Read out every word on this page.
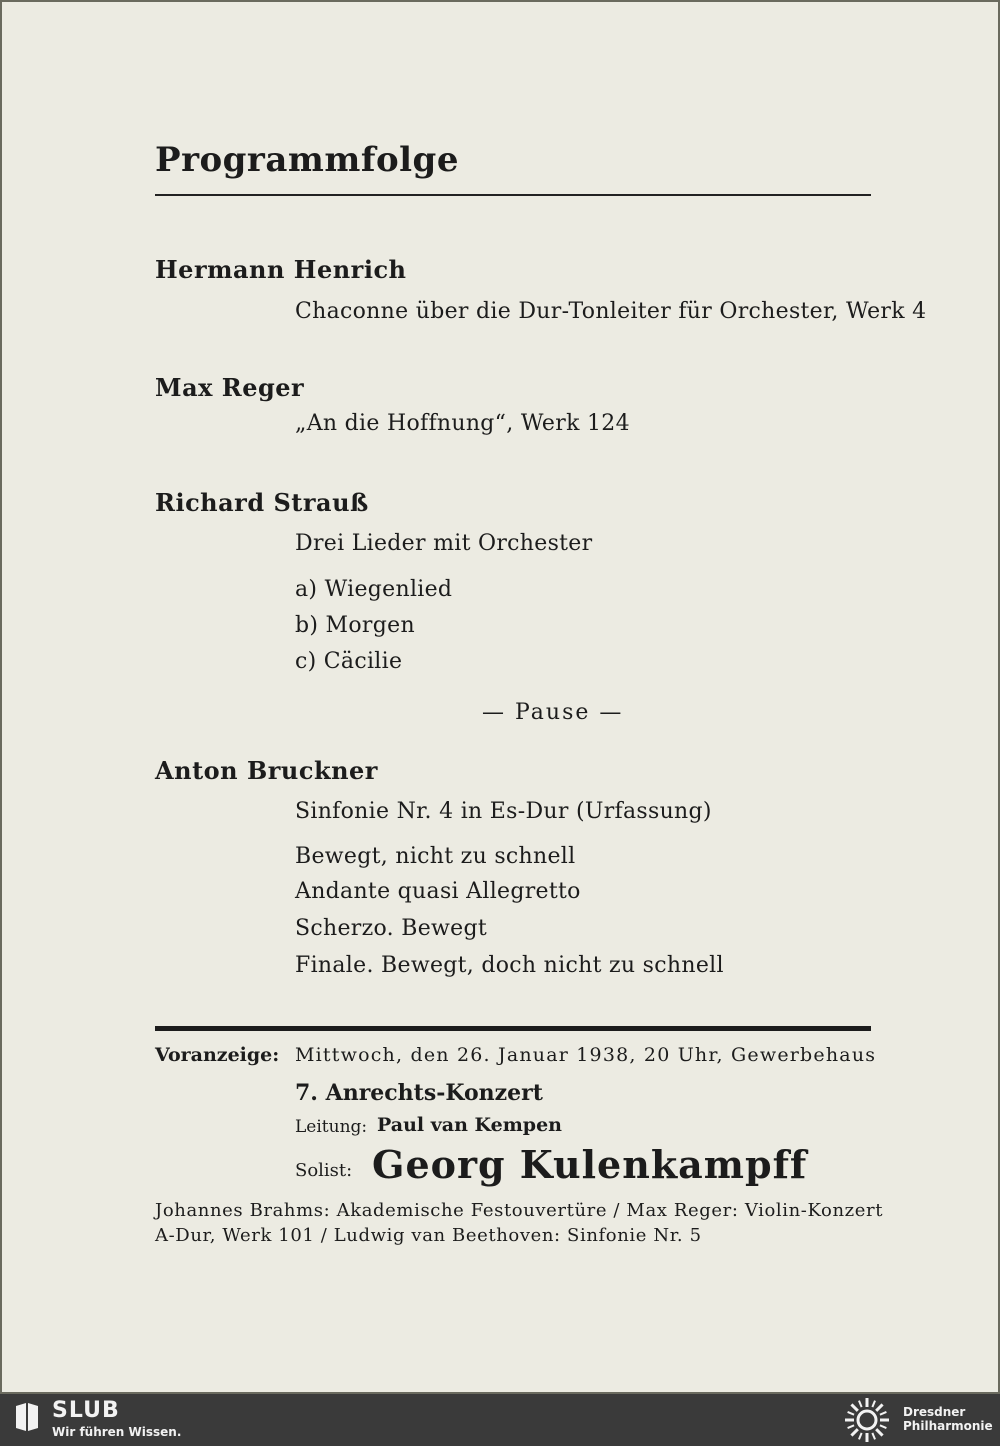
Programmfolge
Hermann Henrich
Chaconne über die Dur-Tonleiter für Orchester, Werk 4
Max Reger
„An die Hoffnung“, Werk 124
Richard Strauß
Drei Lieder mit Orchester
a) Wiegenlied
b) Morgen
c) Cäcilie
— Pause —
Anton Bruckner
Sinfonie Nr. 4 in Es-Dur (Urfassung)
Bewegt, nicht zu schnell
Andante quasi Allegretto
Scherzo. Bewegt
Finale. Bewegt, doch nicht zu schnell
Voranzeige: Mittwoch, den 26. Januar 1938, 20 Uhr, Gewerbehaus
7. Anrechts-Konzert
Leitung: Paul van Kempen
Solist: Georg Kulenkampff
Johannes Brahms: Akademische Festouvertüre / Max Reger: Violin-Konzert
A-Dur, Werk 101 / Ludwig van Beethoven: Sinfonie Nr. 5
SLUB
Wir führen Wissen.
Dresdner
Philharmonie
